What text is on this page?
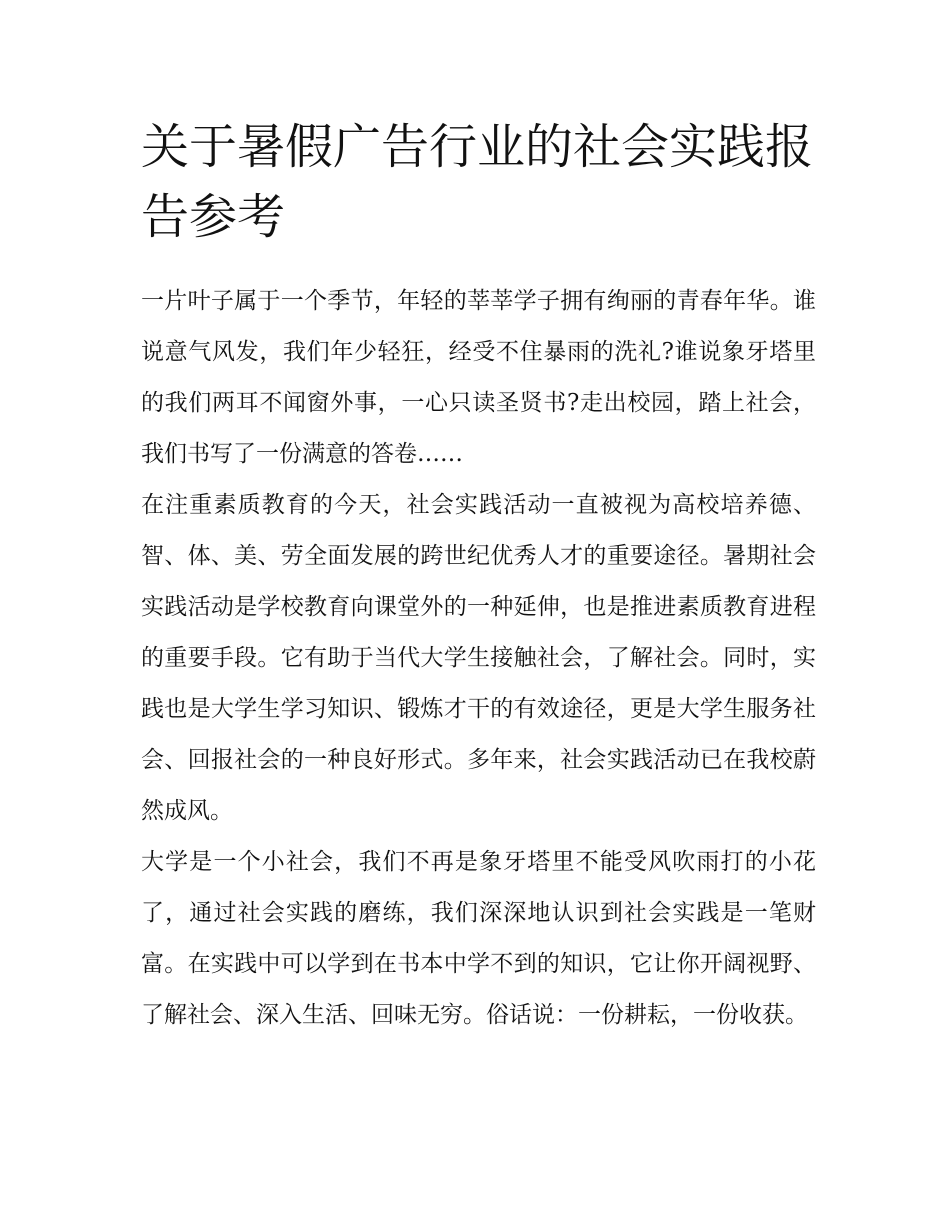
关于暑假广告行业的社会实践报告参考

一片叶子属于一个季节，年轻的莘莘学子拥有绚丽的青春年华。谁说意气风发，我们年少轻狂，经受不住暴雨的洗礼?谁说象牙塔里的我们两耳不闻窗外事，一心只读圣贤书?走出校园，踏上社会，我们书写了一份满意的答卷……

在注重素质教育的今天，社会实践活动一直被视为高校培养德、智、体、美、劳全面发展的跨世纪优秀人才的重要途径。暑期社会实践活动是学校教育向课堂外的一种延伸，也是推进素质教育进程的重要手段。它有助于当代大学生接触社会，了解社会。同时，实践也是大学生学习知识、锻炼才干的有效途径，更是大学生服务社会、回报社会的一种良好形式。多年来，社会实践活动已在我校蔚然成风。

大学是一个小社会，我们不再是象牙塔里不能受风吹雨打的小花了，通过社会实践的磨练，我们深深地认识到社会实践是一笔财富。在实践中可以学到在书本中学不到的知识，它让你开阔视野、了解社会、深入生活、回味无穷。俗话说：一份耕耘，一份收获。
